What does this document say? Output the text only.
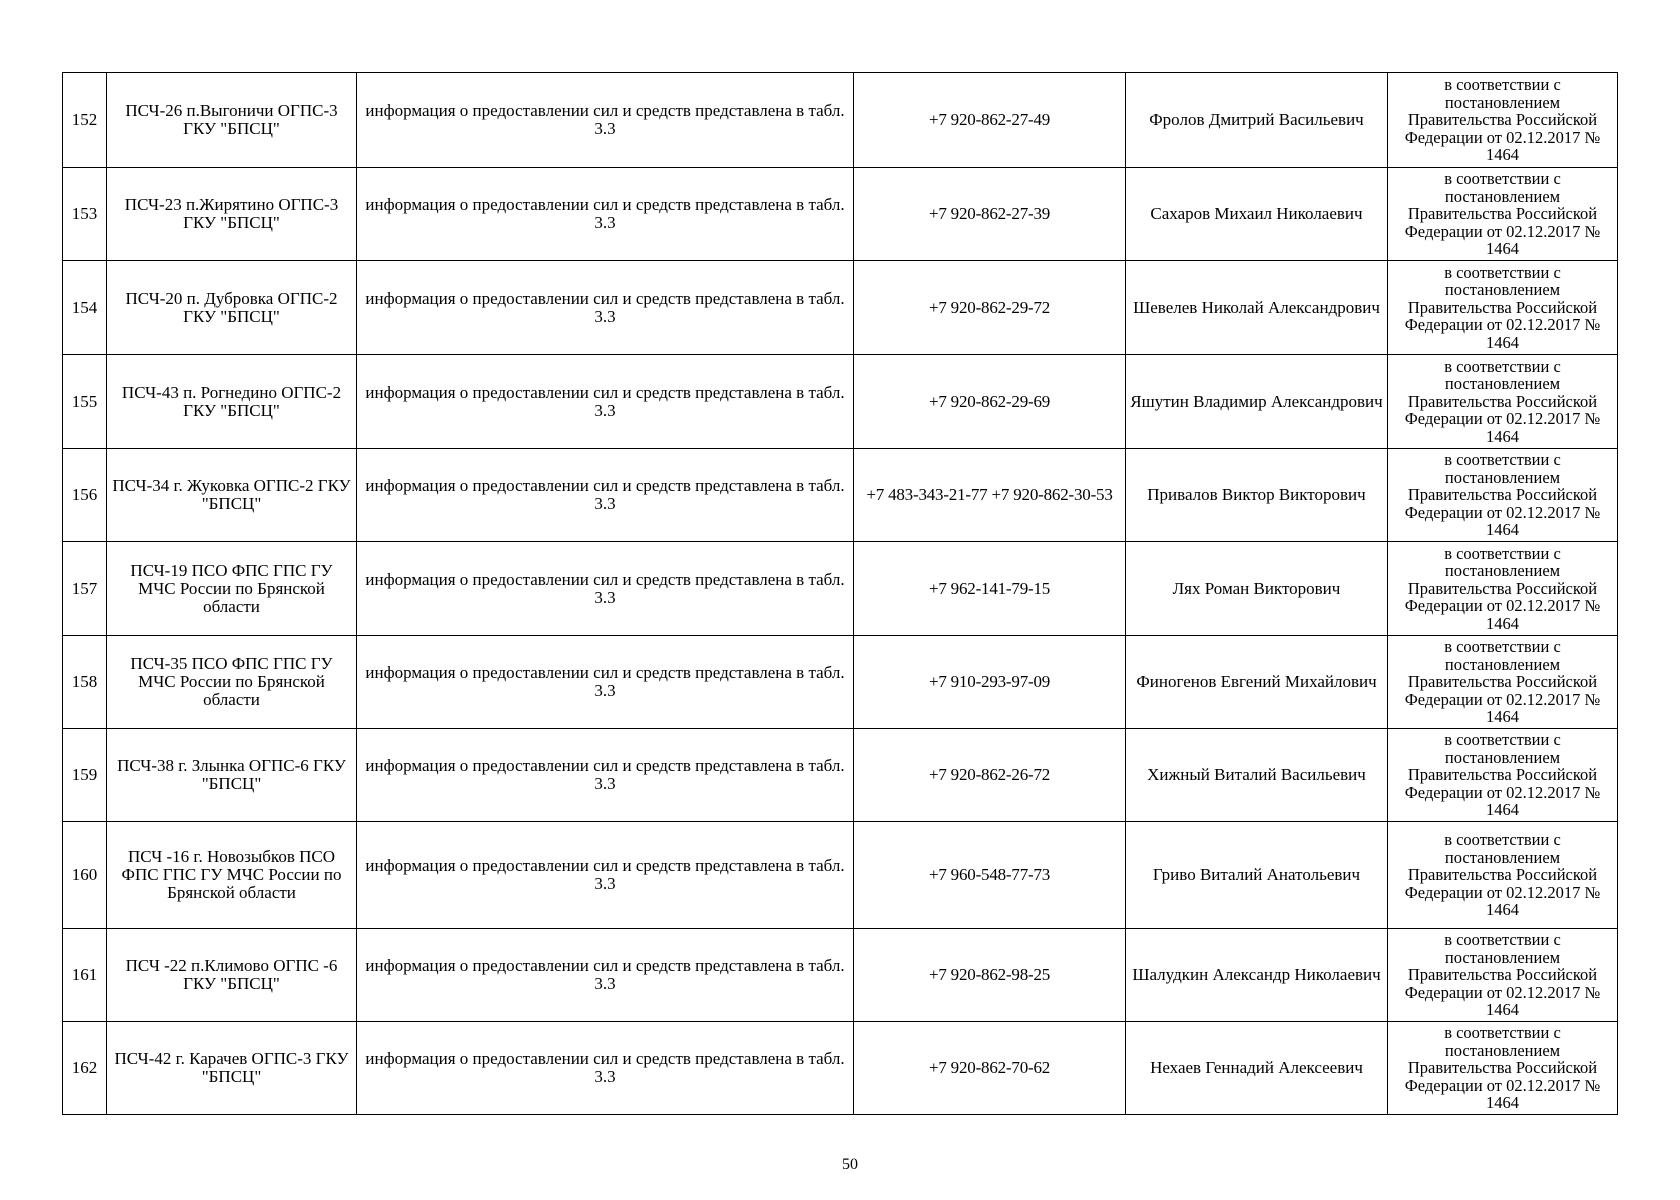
152	ПСЧ-26 п.Выгоничи ОГПС-3 ГКУ "БПСЦ"	информация о предоставлении сил и средств представлена в табл. 3.3	+7 920-862-27-49	Фролов Дмитрий Васильевич	в соответствии с постановлением Правительства Российской Федерации от 02.12.2017 № 1464
153	ПСЧ-23 п.Жирятино ОГПС-3 ГКУ "БПСЦ"	информация о предоставлении сил и средств представлена в табл. 3.3	+7 920-862-27-39	Сахаров Михаил Николаевич	в соответствии с постановлением Правительства Российской Федерации от 02.12.2017 № 1464
154	ПСЧ-20 п. Дубровка ОГПС-2 ГКУ "БПСЦ"	информация о предоставлении сил и средств представлена в табл. 3.3	+7 920-862-29-72	Шевелев Николай Александрович	в соответствии с постановлением Правительства Российской Федерации от 02.12.2017 № 1464
155	ПСЧ-43 п. Рогнедино ОГПС-2 ГКУ "БПСЦ"	информация о предоставлении сил и средств представлена в табл. 3.3	+7 920-862-29-69	Яшутин Владимир Александрович	в соответствии с постановлением Правительства Российской Федерации от 02.12.2017 № 1464
156	ПСЧ-34 г. Жуковка ОГПС-2 ГКУ "БПСЦ"	информация о предоставлении сил и средств представлена в табл. 3.3	+7 483-343-21-77 +7 920-862-30-53	Привалов Виктор Викторович	в соответствии с постановлением Правительства Российской Федерации от 02.12.2017 № 1464
157	ПСЧ-19 ПСО ФПС ГПС ГУ МЧС России по Брянской области	информация о предоставлении сил и средств представлена в табл. 3.3	+7 962-141-79-15	Лях Роман Викторович	в соответствии с постановлением Правительства Российской Федерации от 02.12.2017 № 1464
158	ПСЧ-35 ПСО ФПС ГПС ГУ МЧС России по Брянской области	информация о предоставлении сил и средств представлена в табл. 3.3	+7 910-293-97-09	Финогенов Евгений Михайлович	в соответствии с постановлением Правительства Российской Федерации от 02.12.2017 № 1464
159	ПСЧ-38 г. Злынка ОГПС-6 ГКУ "БПСЦ"	информация о предоставлении сил и средств представлена в табл. 3.3	+7 920-862-26-72	Хижный Виталий Васильевич	в соответствии с постановлением Правительства Российской Федерации от 02.12.2017 № 1464
160	ПСЧ -16 г. Новозыбков ПСО ФПС ГПС ГУ МЧС России по Брянской области	информация о предоставлении сил и средств представлена в табл. 3.3	+7 960-548-77-73	Гриво Виталий Анатольевич	в соответствии с постановлением Правительства Российской Федерации от 02.12.2017 № 1464
161	ПСЧ -22 п.Климово ОГПС -6 ГКУ "БПСЦ"	информация о предоставлении сил и средств представлена в табл. 3.3	+7 920-862-98-25	Шалудкин Александр Николаевич	в соответствии с постановлением Правительства Российской Федерации от 02.12.2017 № 1464
162	ПСЧ-42 г. Карачев ОГПС-3 ГКУ "БПСЦ"	информация о предоставлении сил и средств представлена в табл. 3.3	+7 920-862-70-62	Нехаев Геннадий Алексеевич	в соответствии с постановлением Правительства Российской Федерации от 02.12.2017 № 1464
50
